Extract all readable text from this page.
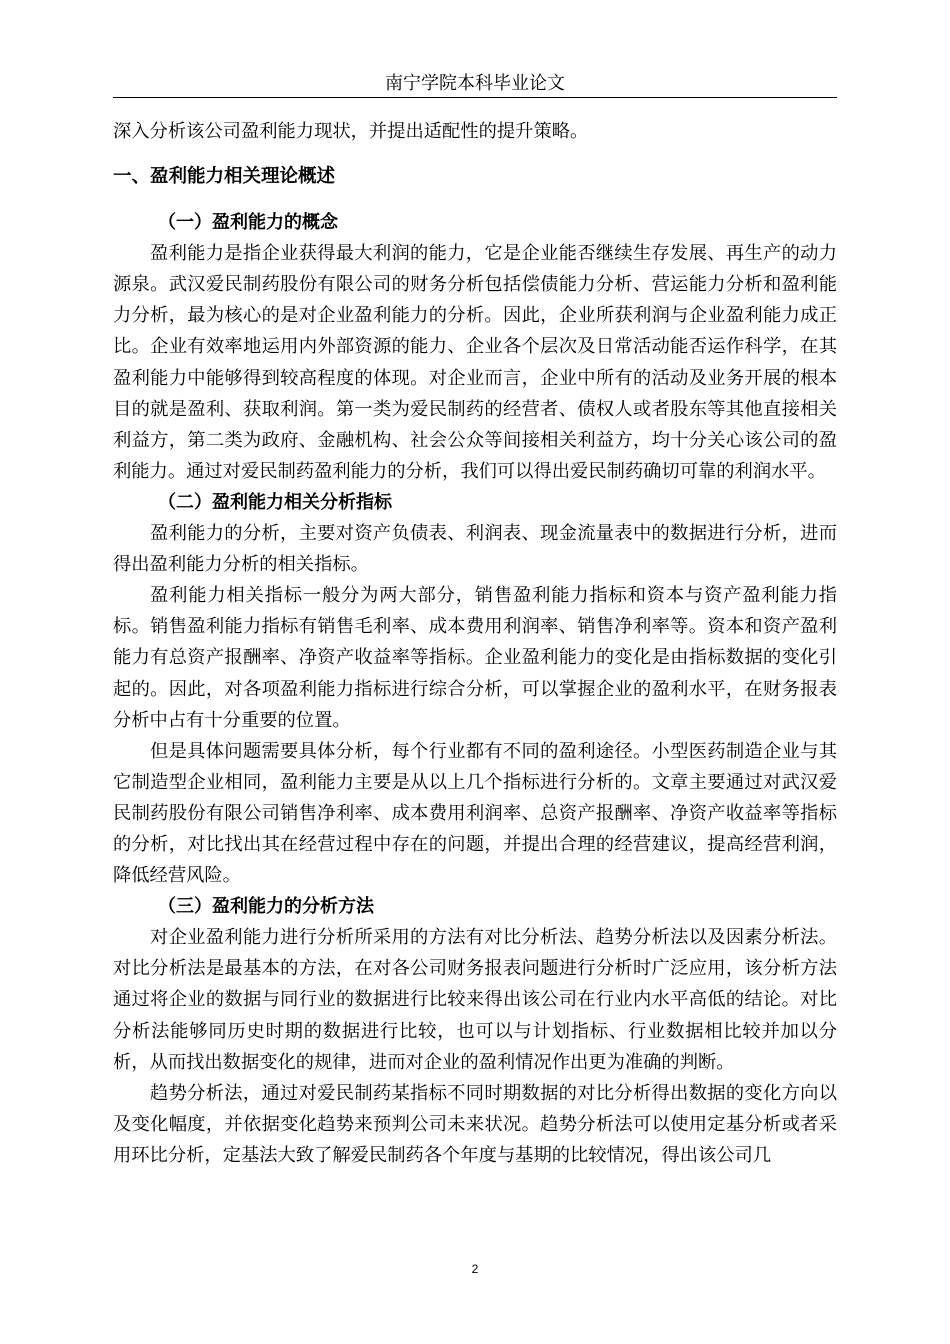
南宁学院本科毕业论文

深入分析该公司盈利能力现状，并提出适配性的提升策略。

一、盈利能力相关理论概述
（一）盈利能力的概念

盈利能力是指企业获得最大利润的能力，它是企业能否继续生存发展、再生产的动力源泉。武汉爱民制药股份有限公司的财务分析包括偿债能力分析、营运能力分析和盈利能力分析，最为核心的是对企业盈利能力的分析。因此，企业所获利润与企业盈利能力成正比。企业有效率地运用内外部资源的能力、企业各个层次及日常活动能否运作科学，在其盈利能力中能够得到较高程度的体现。对企业而言，企业中所有的活动及业务开展的根本目的就是盈利、获取利润。第一类为爱民制药的经营者、债权人或者股东等其他直接相关利益方，第二类为政府、金融机构、社会公众等间接相关利益方，均十分关心该公司的盈利能力。通过对爱民制药盈利能力的分析，我们可以得出爱民制药确切可靠的利润水平。

（二）盈利能力相关分析指标

盈利能力的分析，主要对资产负债表、利润表、现金流量表中的数据进行分析，进而得出盈利能力分析的相关指标。

盈利能力相关指标一般分为两大部分，销售盈利能力指标和资本与资产盈利能力指标。销售盈利能力指标有销售毛利率、成本费用利润率、销售净利率等。资本和资产盈利能力有总资产报酬率、净资产收益率等指标。企业盈利能力的变化是由指标数据的变化引起的。因此，对各项盈利能力指标进行综合分析，可以掌握企业的盈利水平，在财务报表分析中占有十分重要的位置。

但是具体问题需要具体分析，每个行业都有不同的盈利途径。小型医药制造企业与其它制造型企业相同，盈利能力主要是从以上几个指标进行分析的。文章主要通过对武汉爱民制药股份有限公司销售净利率、成本费用利润率、总资产报酬率、净资产收益率等指标的分析，对比找出其在经营过程中存在的问题，并提出合理的经营建议，提高经营利润，降低经营风险。

（三）盈利能力的分析方法

对企业盈利能力进行分析所采用的方法有对比分析法、趋势分析法以及因素分析法。对比分析法是最基本的方法，在对各公司财务报表问题进行分析时广泛应用，该分析方法通过将企业的数据与同行业的数据进行比较来得出该公司在行业内水平高低的结论。对比分析法能够同历史时期的数据进行比较，也可以与计划指标、行业数据相比较并加以分析，从而找出数据变化的规律，进而对企业的盈利情况作出更为准确的判断。

趋势分析法，通过对爱民制药某指标不同时期数据的对比分析得出数据的变化方向以及变化幅度，并依据变化趋势来预判公司未来状况。趋势分析法可以使用定基分析或者采用环比分析，定基法大致了解爱民制药各个年度与基期的比较情况，得出该公司几

2
